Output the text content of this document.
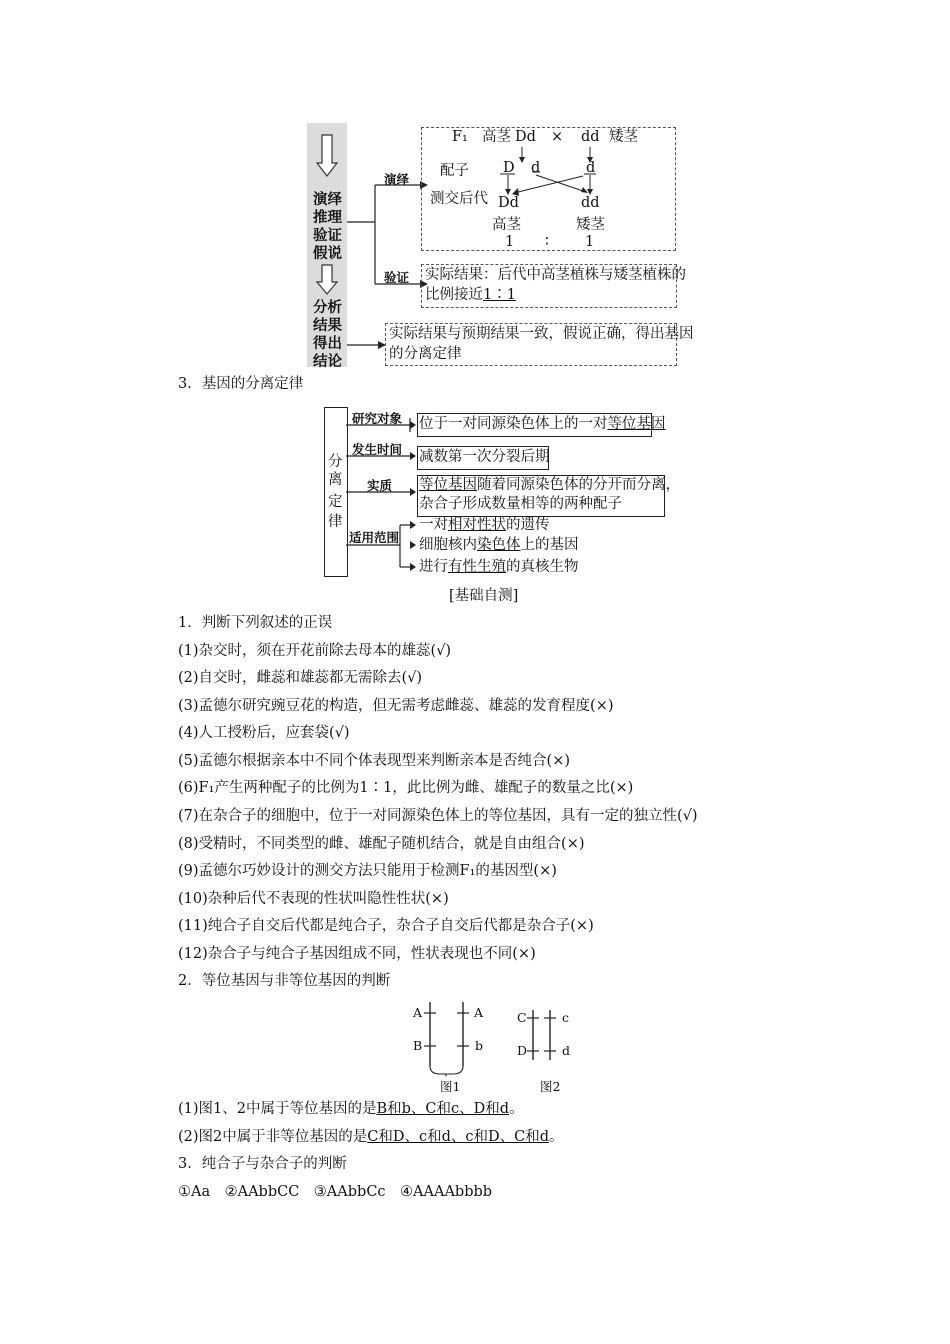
演绎
推理
验证
假说
分析
结果
得出
结论
演绎
验证
F₁ 高茎 Dd × dd 矮茎
配子 D d	d
测交后代 Dd	dd
高茎	矮茎
1 ∶ 1
实际结果：后代中高茎植株与矮茎植株的
比例接近1∶1
实际结果与预期结果一致，假说正确，得出基因
的分离定律
3．基因的分离定律
分
离
定
律
研究对象
发生时间
实质
适用范围
位于一对同源染色体上的一对等位基因
减数第一次分裂后期
等位基因随着同源染色体的分开而分离，
杂合子形成数量相等的两种配子
一对相对性状的遗传
细胞核内染色体上的基因
进行有性生殖的真核生物
[基础自测]
1．判断下列叙述的正误
(1)杂交时，须在开花前除去母本的雄蕊(√)
(2)自交时，雌蕊和雄蕊都无需除去(√)
(3)孟德尔研究豌豆花的构造，但无需考虑雌蕊、雄蕊的发育程度(×)
(4)人工授粉后，应套袋(√)
(5)孟德尔根据亲本中不同个体表现型来判断亲本是否纯合(×)
(6)F₁产生两种配子的比例为1∶1，此比例为雌、雄配子的数量之比(×)
(7)在杂合子的细胞中，位于一对同源染色体上的等位基因，具有一定的独立性(√)
(8)受精时，不同类型的雌、雄配子随机结合，就是自由组合(×)
(9)孟德尔巧妙设计的测交方法只能用于检测F₁的基因型(×)
(10)杂种后代不表现的性状叫隐性性状(×)
(11)纯合子自交后代都是纯合子，杂合子自交后代都是杂合子(×)
(12)杂合子与纯合子基因组成不同，性状表现也不同(×)
2．等位基因与非等位基因的判断
A	A
B	b
C	c
D	d
图1	图2
(1)图1、2中属于等位基因的是B和b、C和c、D和d。
(2)图2中属于非等位基因的是C和D、c和d、c和D、C和d。
3．纯合子与杂合子的判断
①Aa　②AAbbCC　③AAbbCc　④AAAAbbbb
